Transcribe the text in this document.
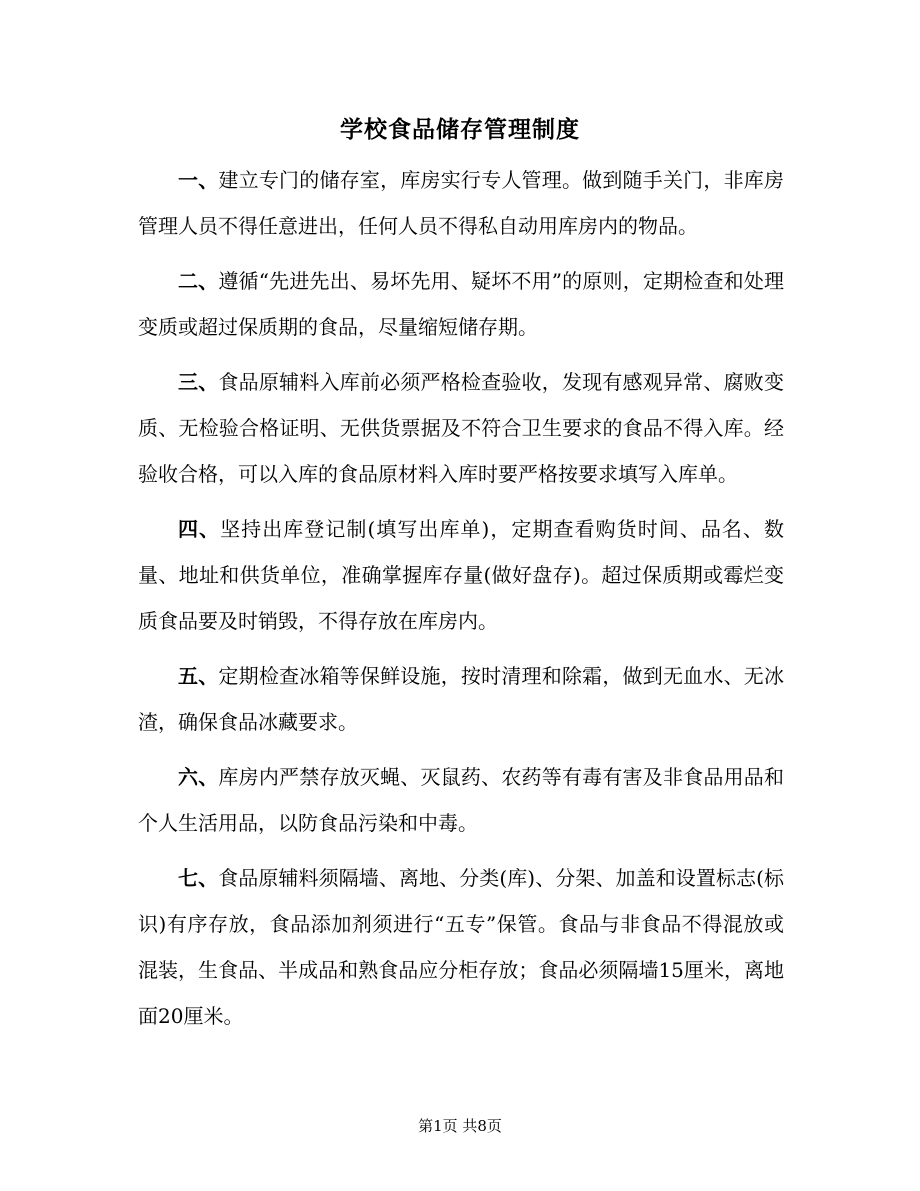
学校食品储存管理制度

一、建立专门的储存室，库房实行专人管理。做到随手关门，非库房管理人员不得任意进出，任何人员不得私自动用库房内的物品。

二、遵循“先进先出、易坏先用、疑坏不用”的原则，定期检查和处理变质或超过保质期的食品，尽量缩短储存期。

三、食品原辅料入库前必须严格检查验收，发现有感观异常、腐败变质、无检验合格证明、无供货票据及不符合卫生要求的食品不得入库。经验收合格，可以入库的食品原材料入库时要严格按要求填写入库单。

四、坚持出库登记制(填写出库单)，定期查看购货时间、品名、数量、地址和供货单位，准确掌握库存量(做好盘存)。超过保质期或霉烂变质食品要及时销毁，不得存放在库房内。

五、定期检查冰箱等保鲜设施，按时清理和除霜，做到无血水、无冰渣，确保食品冰藏要求。

六、库房内严禁存放灭蝇、灭鼠药、农药等有毒有害及非食品用品和个人生活用品，以防食品污染和中毒。

七、食品原辅料须隔墙、离地、分类(库)、分架、加盖和设置标志(标识)有序存放，食品添加剂须进行“五专”保管。食品与非食品不得混放或混装，生食品、半成品和熟食品应分柜存放；食品必须隔墙15厘米，离地面20厘米。

第1页 共8页
